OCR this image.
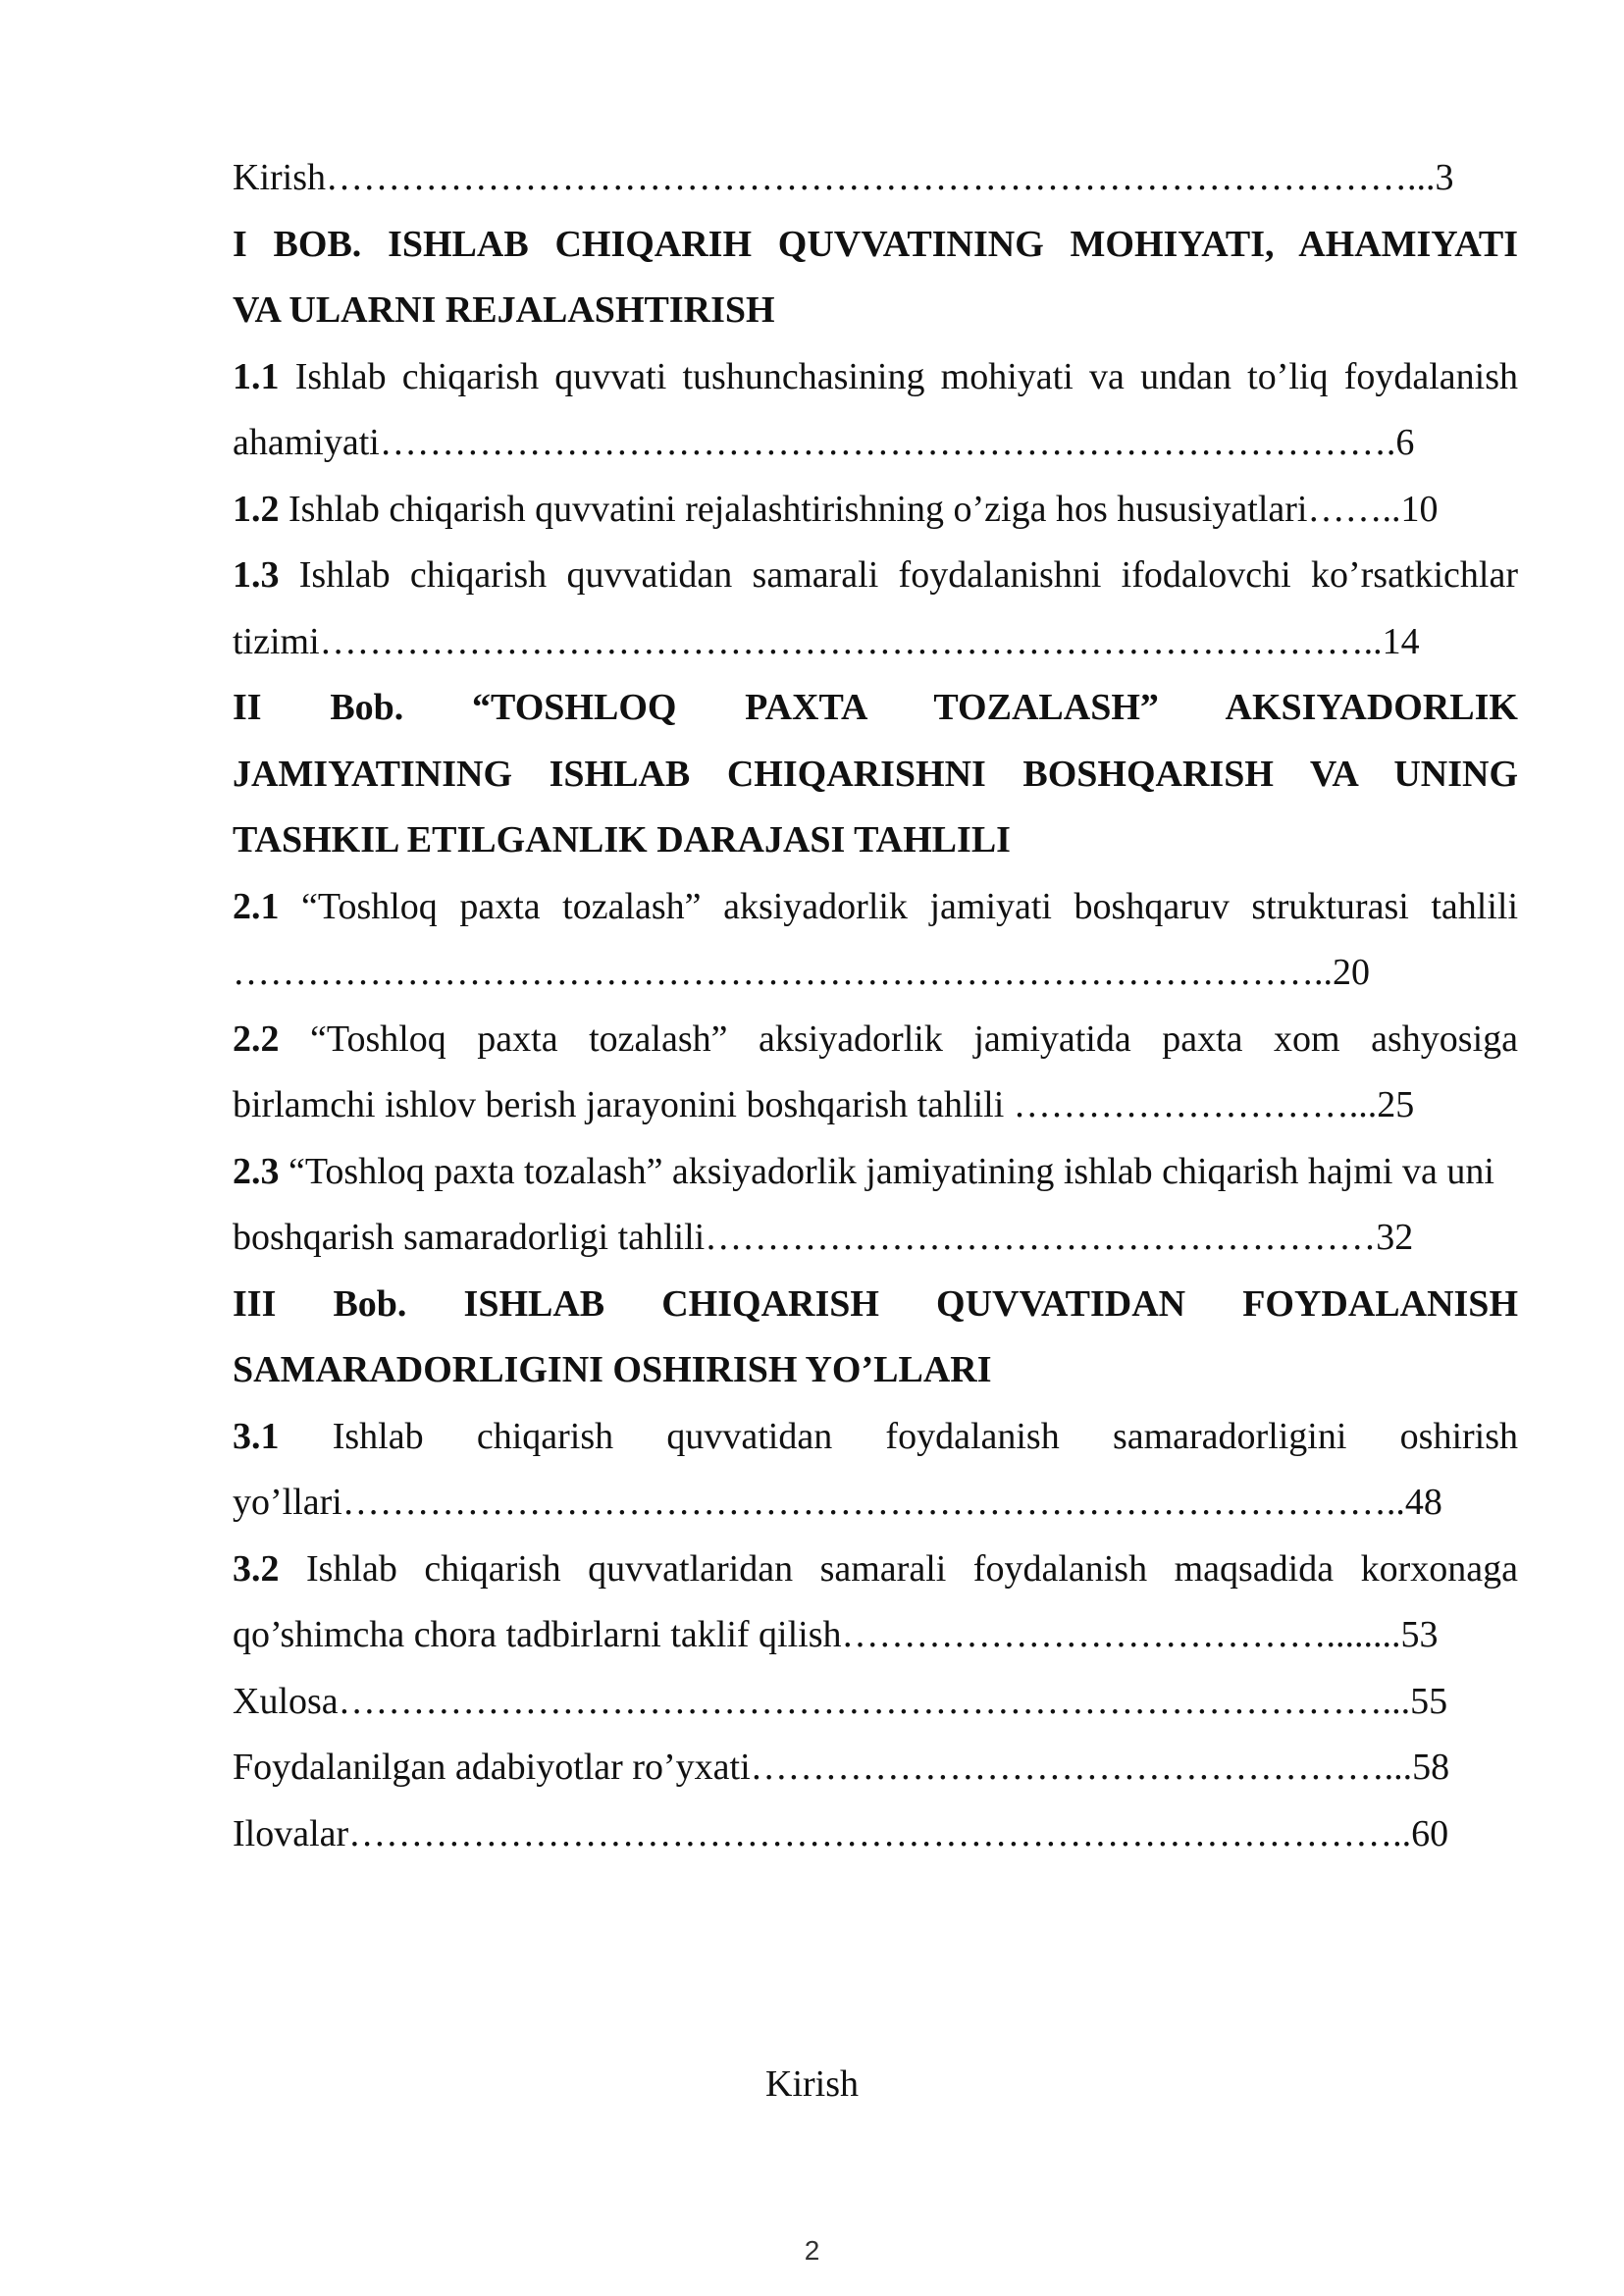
Kirish……………………………………………………………………………...3
I BOB. ISHLAB CHIQARIH QUVVATINING MOHIYATI, AHAMIYATI
VA ULARNI REJALASHTIRISH
1.1 Ishlab chiqarish quvvati tushunchasining mohiyati va undan to’liq foydalanish
ahamiyati……………………………………………………………………….6
1.2 Ishlab chiqarish quvvatini rejalashtirishning o’ziga hos hususiyatlari……..10
1.3 Ishlab chiqarish quvvatidan samarali foydalanishni ifodalovchi ko’rsatkichlar
tizimi…………………………………………………………………………..14
II Bob. “TOSHLOQ PAXTA TOZALASH” AKSIYADORLIK
JAMIYATINING ISHLAB CHIQARISHNI BOSHQARISH VA UNING
TASHKIL ETILGANLIK DARAJASI TAHLILI
2.1 “Toshloq paxta tozalash” aksiyadorlik jamiyati boshqaruv strukturasi tahlili
……………………………………………………………………………..20
2.2 “Toshloq paxta tozalash” aksiyadorlik jamiyatida paxta xom ashyosiga
birlamchi ishlov berish jarayonini boshqarish tahlili ………………………...25
2.3 “Toshloq paxta tozalash” aksiyadorlik jamiyatining ishlab chiqarish hajmi va uni
boshqarish samaradorligi tahlili………………………………………………32
III Bob. ISHLAB CHIQARISH QUVVATIDAN FOYDALANISH
SAMARADORLIGINI OSHIRISH YO’LLARI
3.1 Ishlab chiqarish quvvatidan foydalanish samaradorligini oshirish
yo’llari…………………………………………………………………………..48
3.2 Ishlab chiqarish quvvatlaridan samarali foydalanish maqsadida korxonaga
qo’shimcha chora tadbirlarni taklif qilish…………………………………........53
Xulosa…………………………………………………………………………...55
Foydalanilgan adabiyotlar ro’yxati……………………………………………...58
Ilovalar…………………………………………………………………………..60
Kirish
2
